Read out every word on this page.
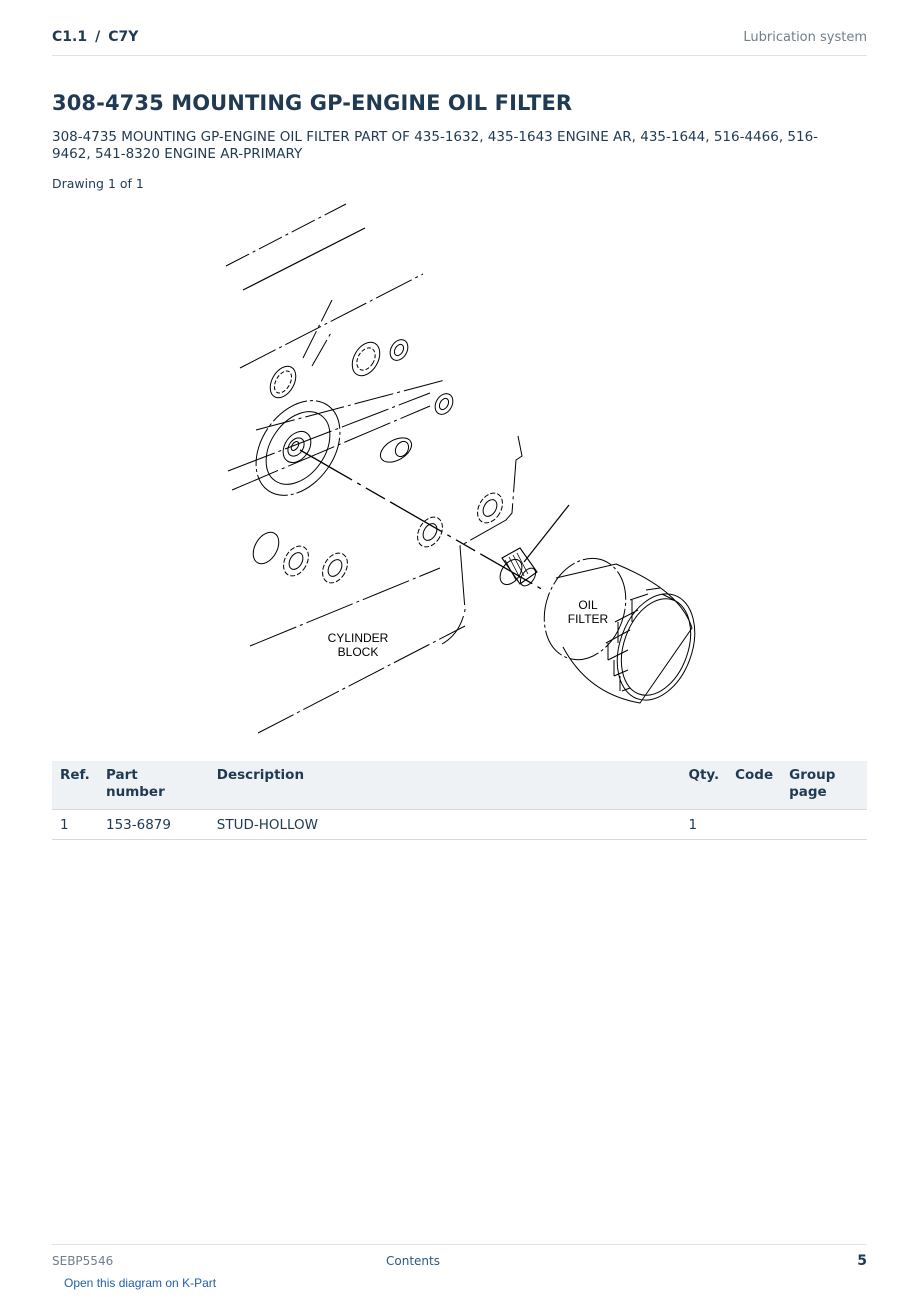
C1.1 / C7Y	Lubrication system
308-4735 MOUNTING GP-ENGINE OIL FILTER
308-4735 MOUNTING GP-ENGINE OIL FILTER PART OF 435-1632, 435-1643 ENGINE AR, 435-1644, 516-4466, 516-9462, 541-8320 ENGINE AR-PRIMARY
Drawing 1 of 1
OIL
FILTER
CYLINDER
BLOCK
Ref.	Part number	Description	Qty.	Code	Group page
1	153-6879	STUD-HOLLOW	1		
SEBP5546	Contents	5
Open this diagram on K-Part
